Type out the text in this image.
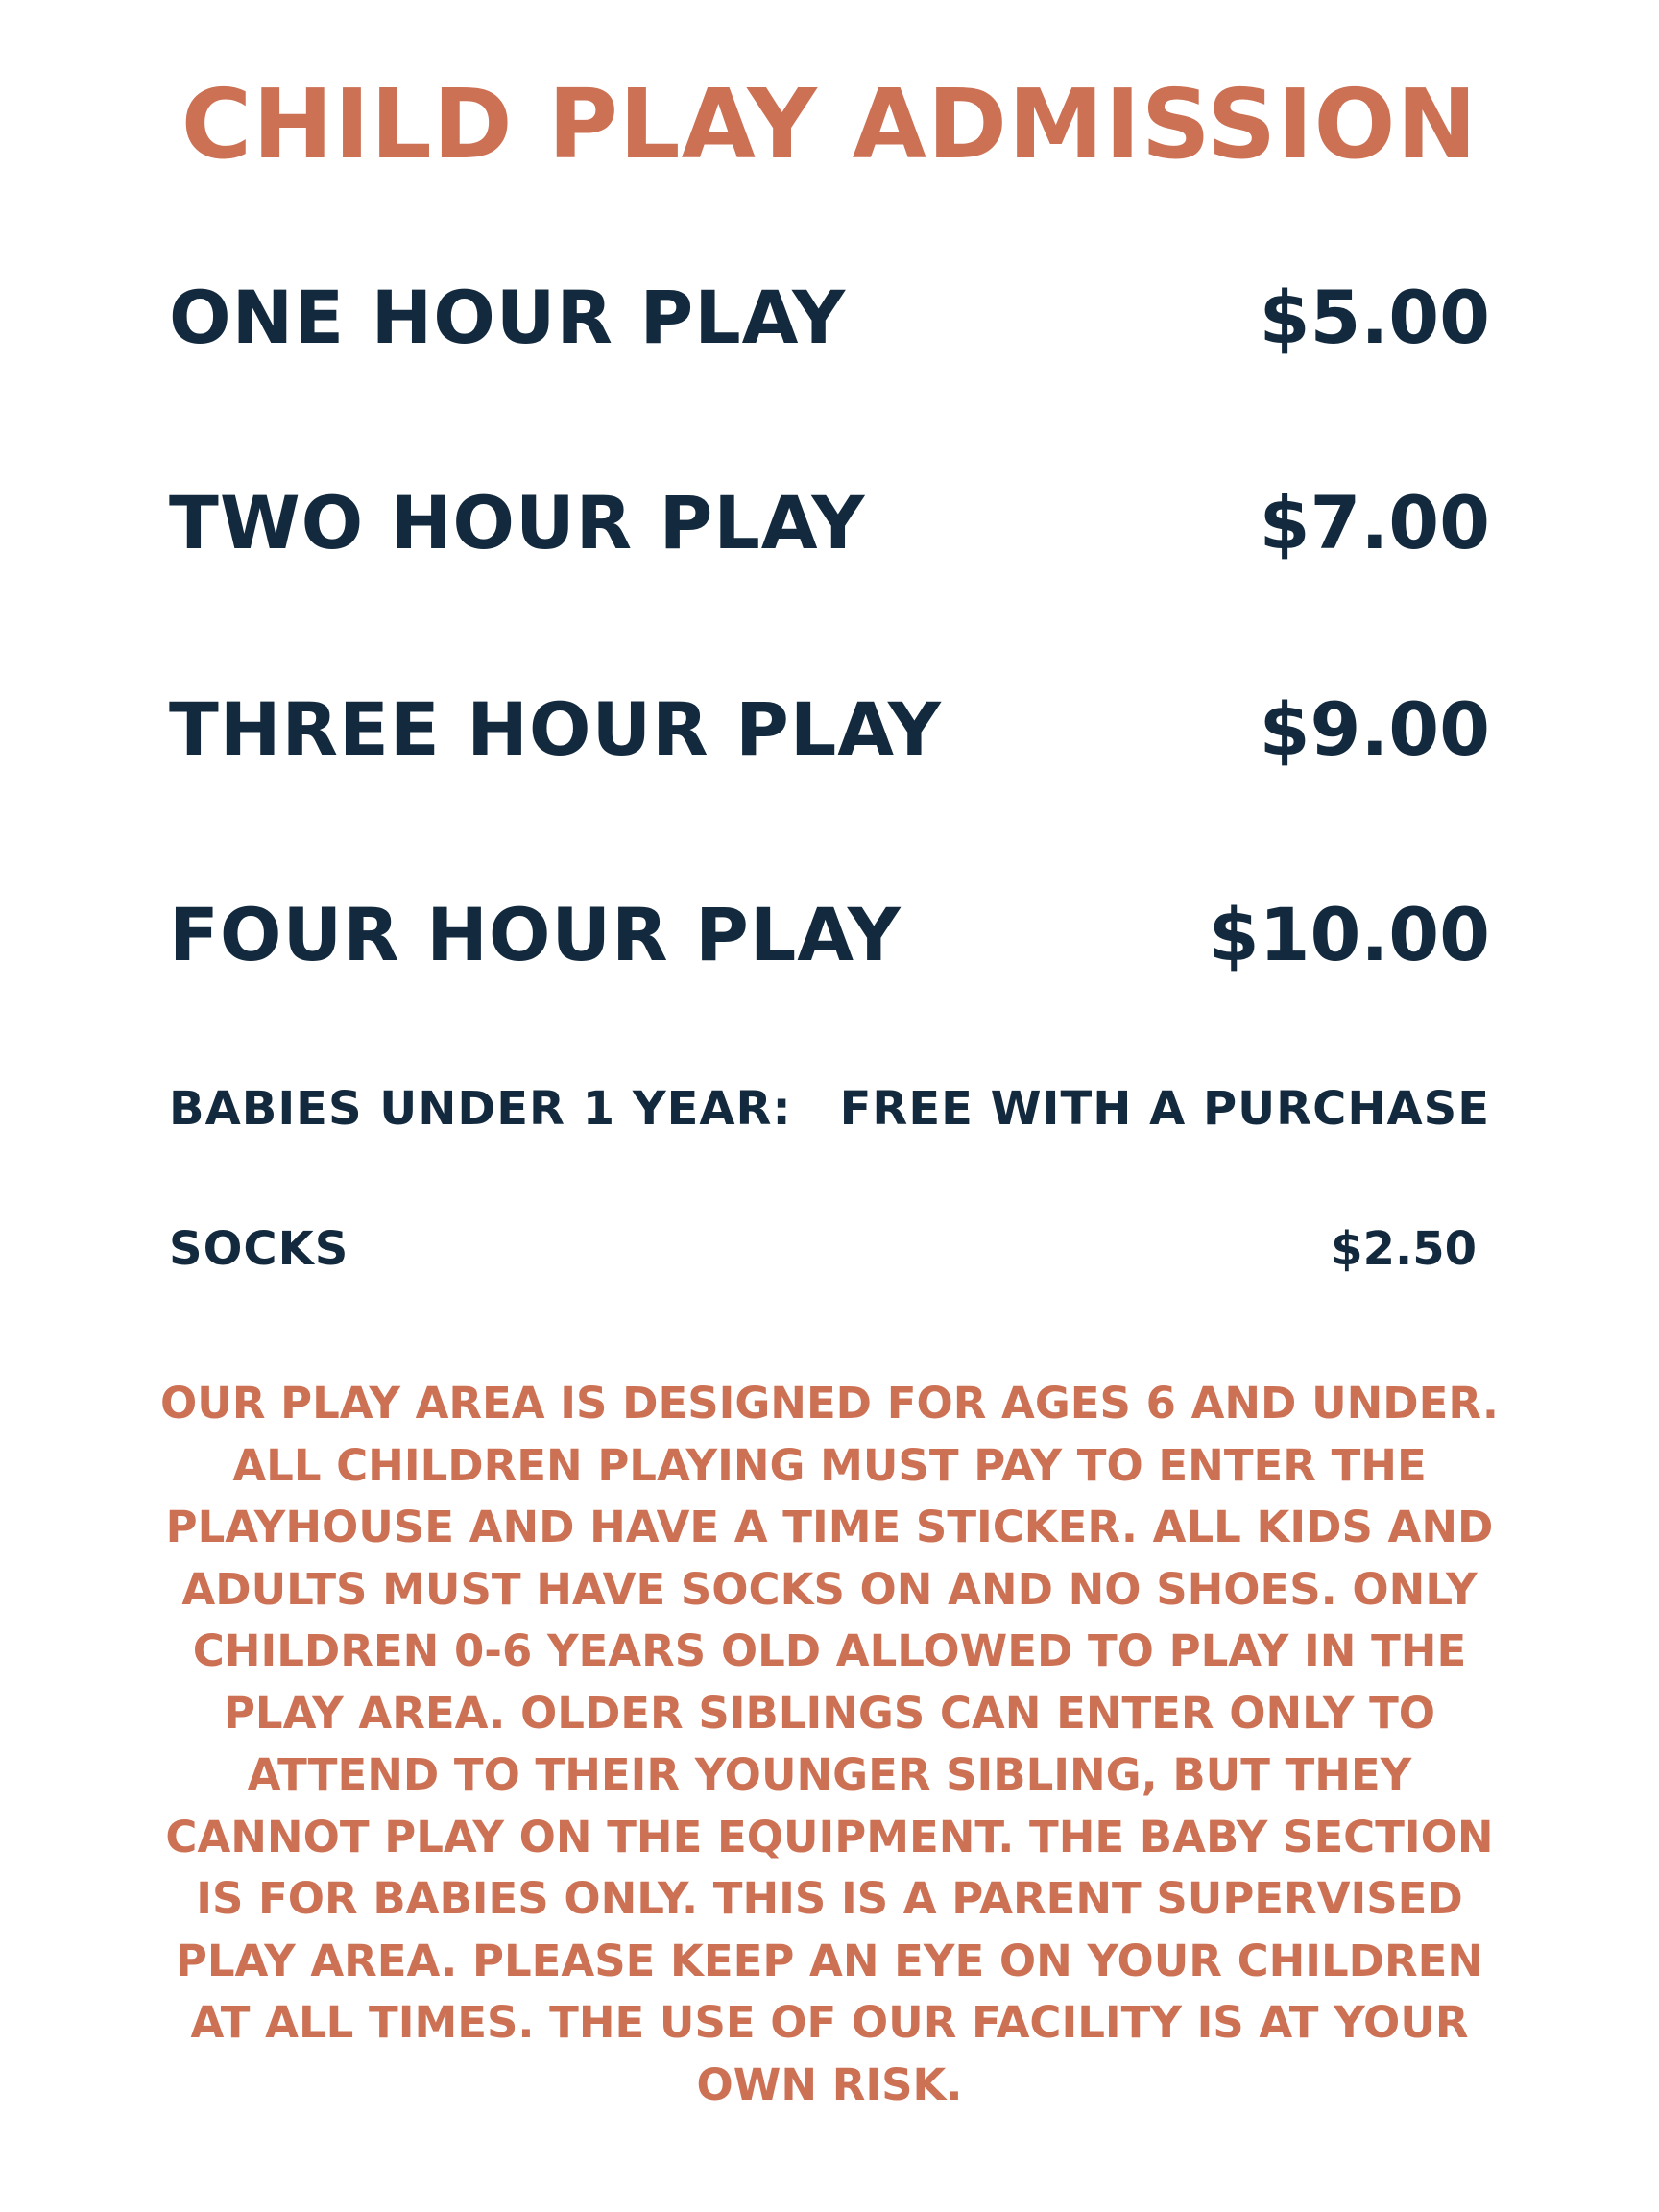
CHILD PLAY ADMISSION
ONE HOUR PLAY	$5.00
TWO HOUR PLAY	$7.00
THREE HOUR PLAY	$9.00
FOUR HOUR PLAY	$10.00
BABIES UNDER 1 YEAR: FREE WITH A PURCHASE
SOCKS	$2.50

OUR PLAY AREA IS DESIGNED FOR AGES 6 AND UNDER. ALL CHILDREN PLAYING MUST PAY TO ENTER THE PLAYHOUSE AND HAVE A TIME STICKER. ALL KIDS AND ADULTS MUST HAVE SOCKS ON AND NO SHOES. ONLY CHILDREN 0-6 YEARS OLD ALLOWED TO PLAY IN THE PLAY AREA. OLDER SIBLINGS CAN ENTER ONLY TO ATTEND TO THEIR YOUNGER SIBLING, BUT THEY CANNOT PLAY ON THE EQUIPMENT. THE BABY SECTION IS FOR BABIES ONLY. THIS IS A PARENT SUPERVISED PLAY AREA. PLEASE KEEP AN EYE ON YOUR CHILDREN AT ALL TIMES. THE USE OF OUR FACILITY IS AT YOUR OWN RISK.
